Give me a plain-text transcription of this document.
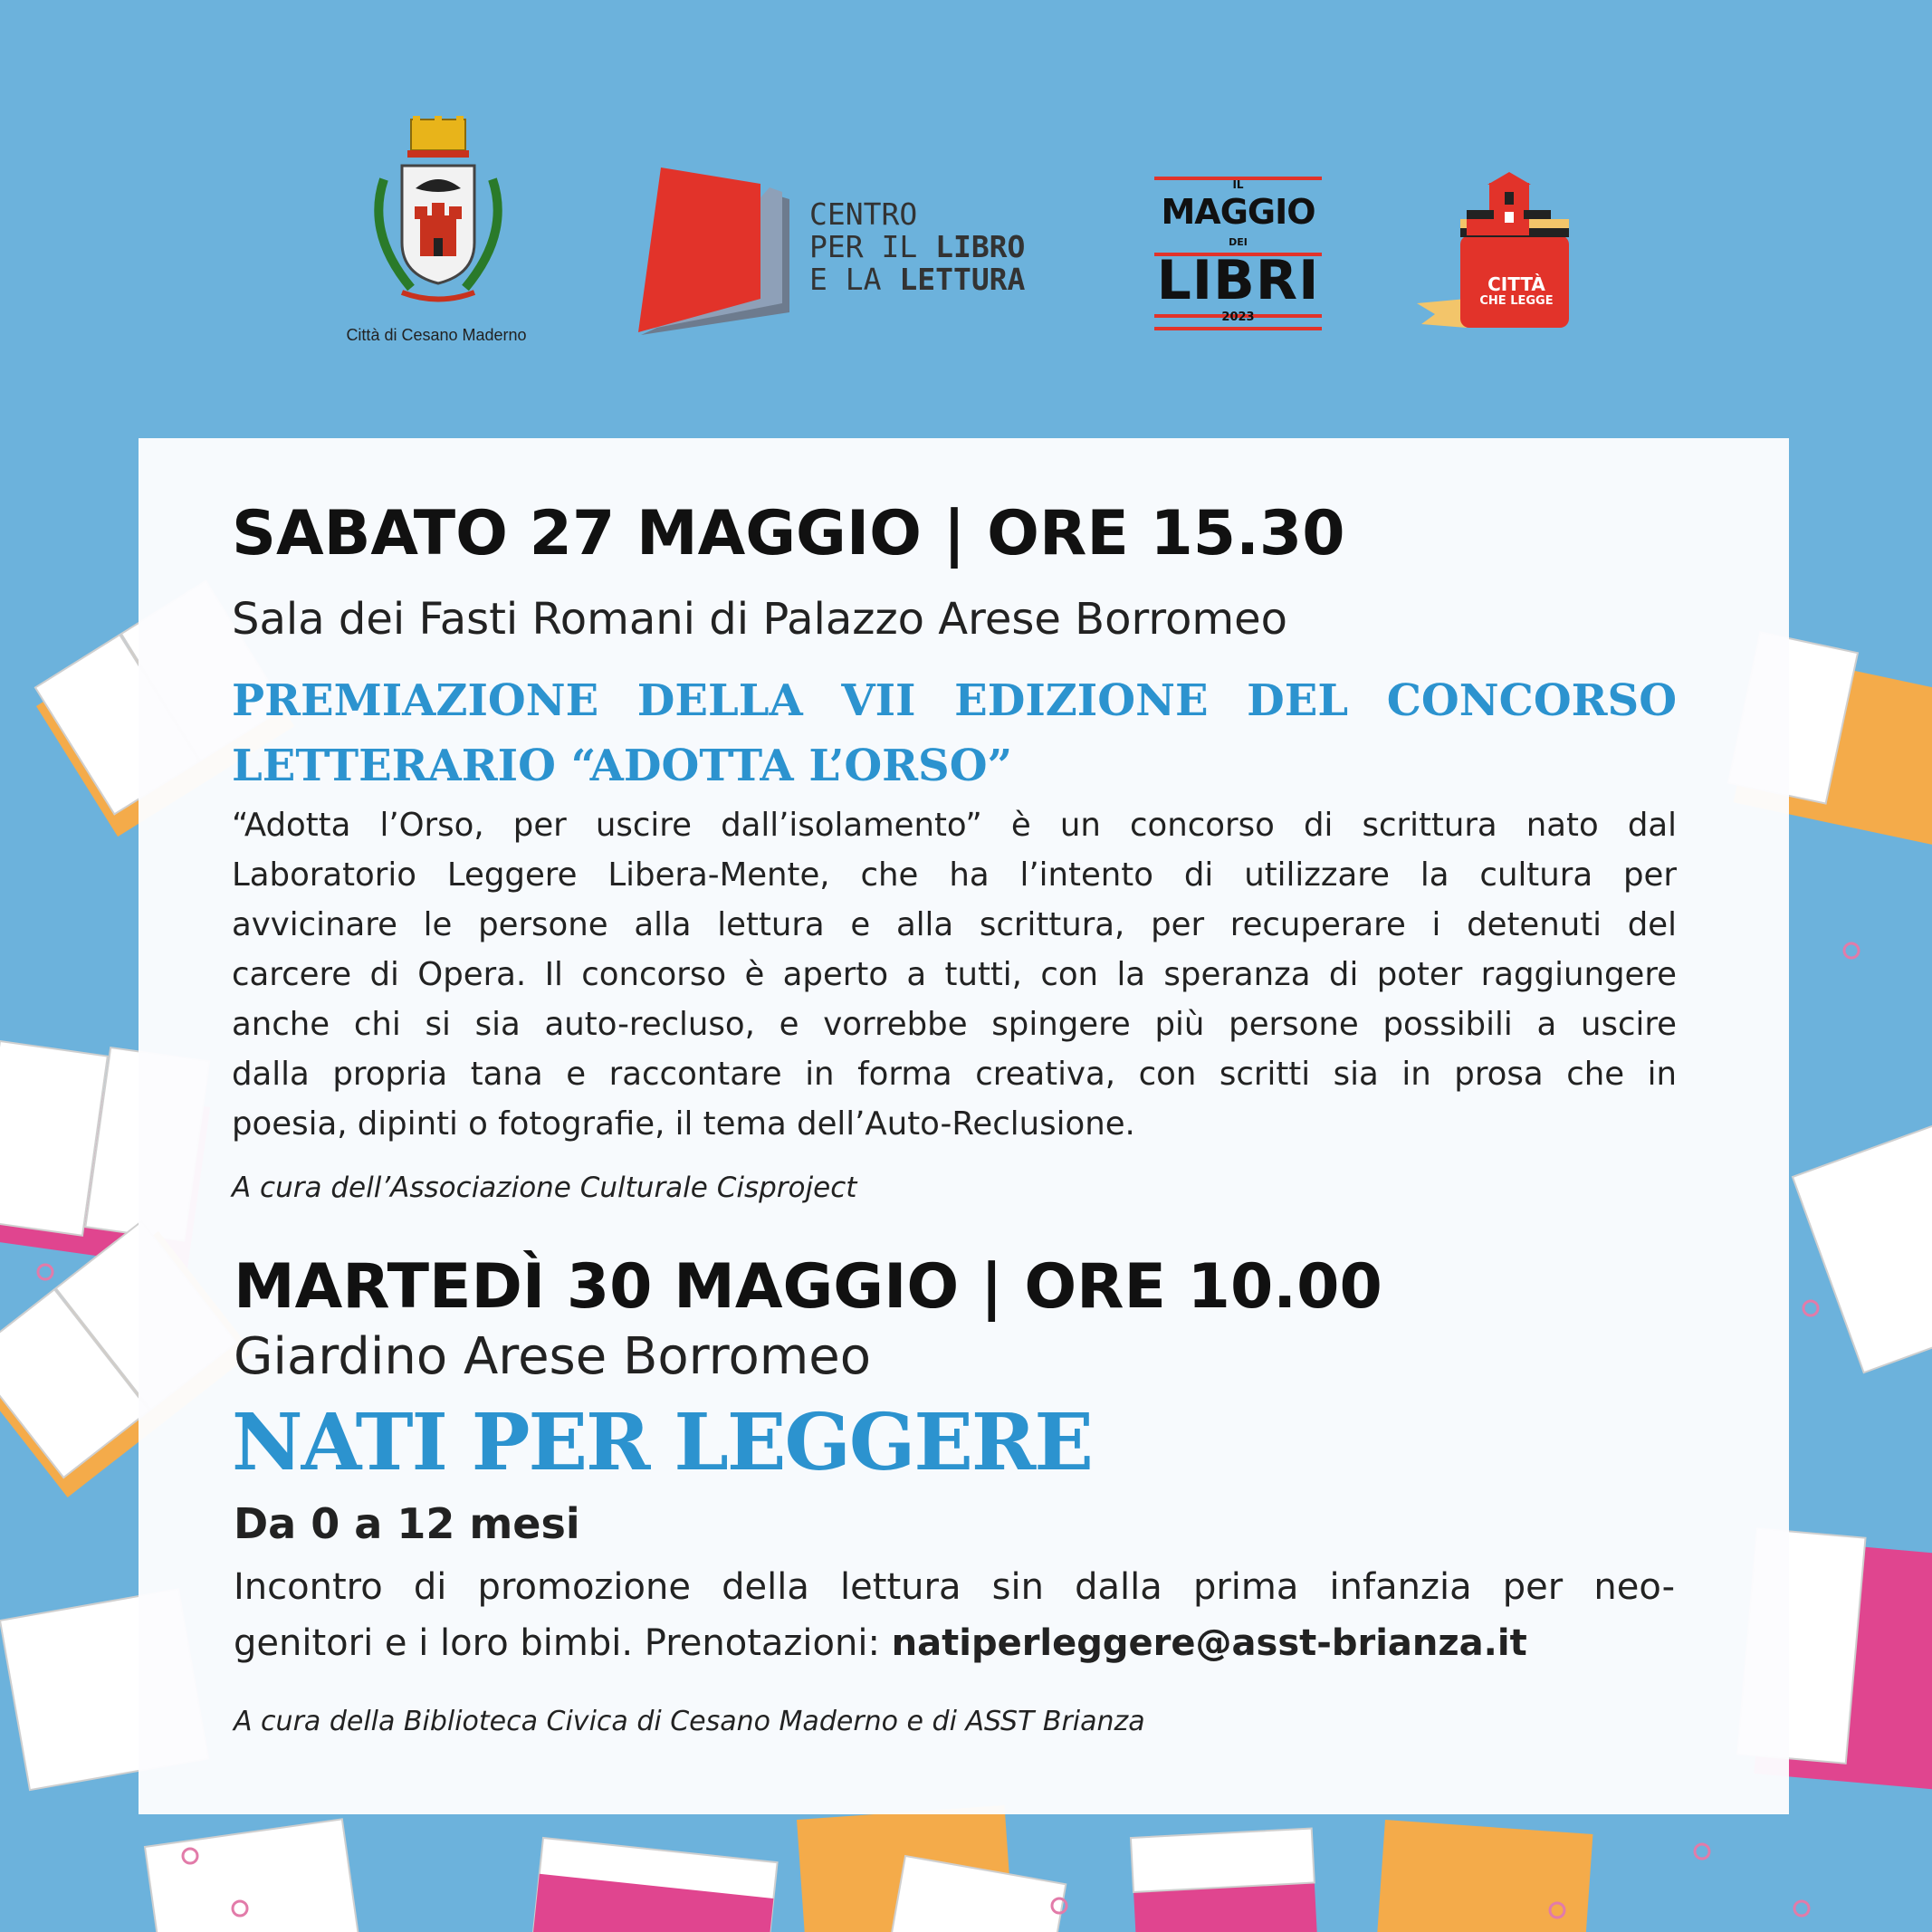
Città di Cesano Maderno
CENTRO
PER IL LIBRO
E LA LETTURA
IL
MAGGIO
DEI
LIBRI
2023
CITTÀ
CHE LEGGE
SABATO 27 MAGGIO | ORE 15.30
Sala dei Fasti Romani di Palazzo Arese Borromeo
PREMIAZIONE DELLA VII EDIZIONE DEL CONCORSO
LETTERARIO “ADOTTA L’ORSO”
“Adotta l’Orso, per uscire dall’isolamento” è un concorso di scrittura nato dal
Laboratorio Leggere Libera-Mente, che ha l’intento di utilizzare la cultura per
avvicinare le persone alla lettura e alla scrittura, per recuperare i detenuti del
carcere di Opera. Il concorso è aperto a tutti, con la speranza di poter raggiungere
anche chi si sia auto-recluso, e vorrebbe spingere più persone possibili a uscire
dalla propria tana e raccontare in forma creativa, con scritti sia in prosa che in
poesia, dipinti o fotografie, il tema dell’Auto-Reclusione.
A cura dell’Associazione Culturale Cisproject
MARTEDÌ 30 MAGGIO | ORE 10.00
Giardino Arese Borromeo
NATI PER LEGGERE
Da 0 a 12 mesi
Incontro di promozione della lettura sin dalla prima infanzia per neo-
genitori e i loro bimbi. Prenotazioni: natiperleggere@asst-brianza.it
A cura della Biblioteca Civica di Cesano Maderno e di ASST Brianza
